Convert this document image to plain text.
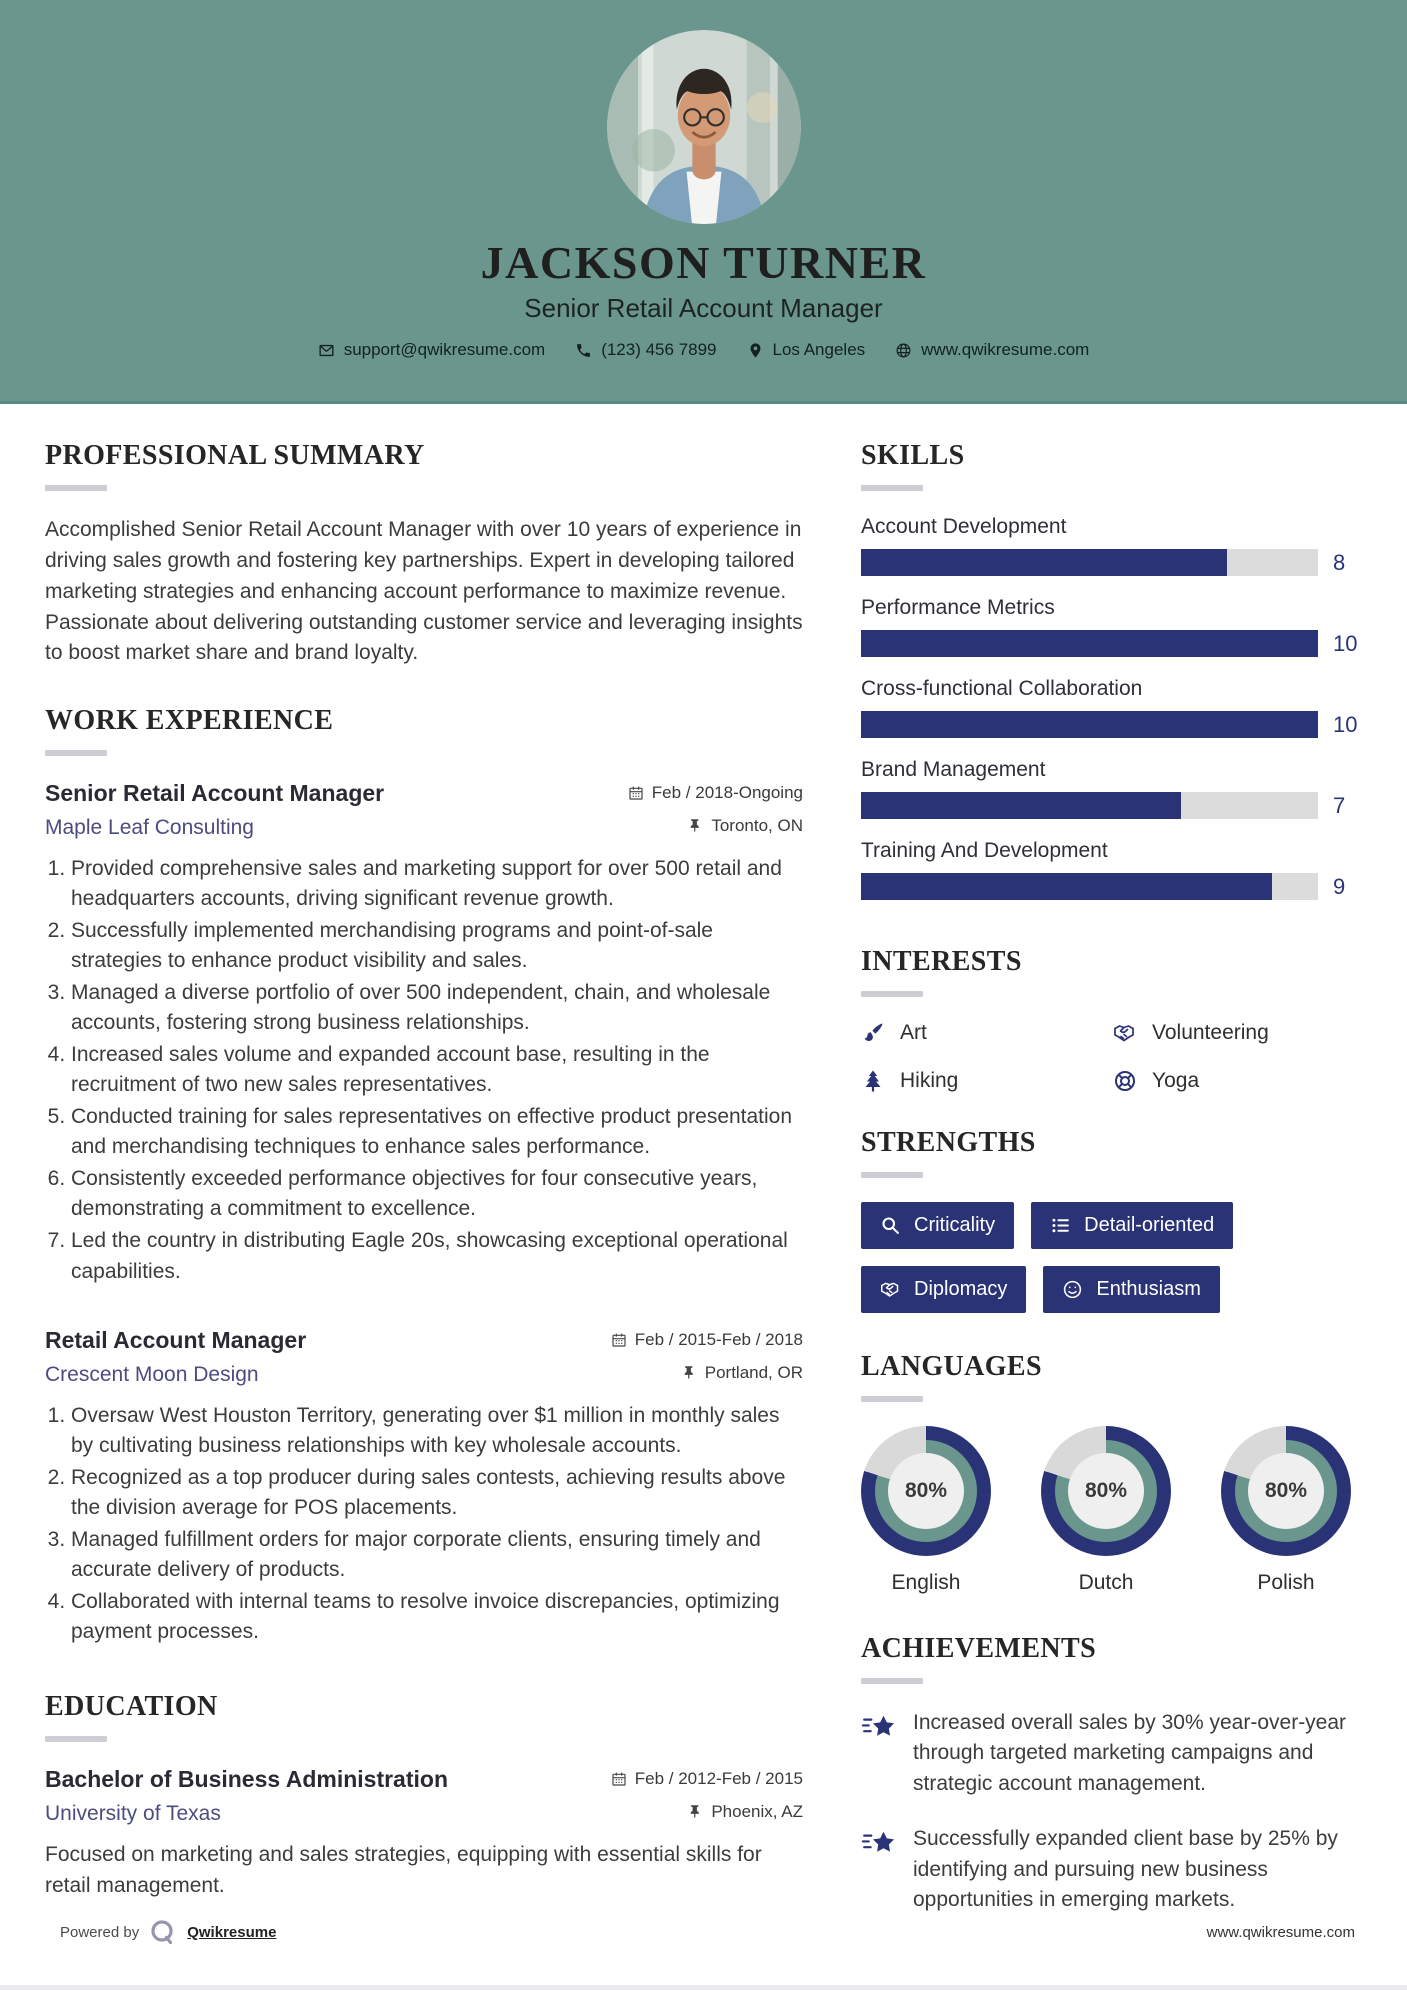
JACKSON TURNER
Senior Retail Account Manager
support@qwikresume.com	(123) 456 7899	Los Angeles	www.qwikresume.com
PROFESSIONAL SUMMARY

Accomplished Senior Retail Account Manager with over 10 years of experience in driving sales growth and fostering key partnerships. Expert in developing tailored marketing strategies and enhancing account performance to maximize revenue. Passionate about delivering outstanding customer service and leveraging insights to boost market share and brand loyalty.

WORK EXPERIENCE
Senior Retail Account Manager	Feb / 2018-Ongoing
Maple Leaf Consulting	Toronto, ON
1. Provided comprehensive sales and marketing support for over 500 retail and headquarters accounts, driving significant revenue growth.
2. Successfully implemented merchandising programs and point-of-sale strategies to enhance product visibility and sales.
3. Managed a diverse portfolio of over 500 independent, chain, and wholesale accounts, fostering strong business relationships.
4. Increased sales volume and expanded account base, resulting in the recruitment of two new sales representatives.
5. Conducted training for sales representatives on effective product presentation and merchandising techniques to enhance sales performance.
6. Consistently exceeded performance objectives for four consecutive years, demonstrating a commitment to excellence.
7. Led the country in distributing Eagle 20s, showcasing exceptional operational capabilities.
Retail Account Manager	Feb / 2015-Feb / 2018
Crescent Moon Design	Portland, OR
1. Oversaw West Houston Territory, generating over $1 million in monthly sales by cultivating business relationships with key wholesale accounts.
2. Recognized as a top producer during sales contests, achieving results above the division average for POS placements.
3. Managed fulfillment orders for major corporate clients, ensuring timely and accurate delivery of products.
4. Collaborated with internal teams to resolve invoice discrepancies, optimizing payment processes.
EDUCATION
Bachelor of Business Administration	Feb / 2012-Feb / 2015
University of Texas	Phoenix, AZ

Focused on marketing and sales strategies, equipping with essential skills for retail management.

SKILLS
Account Development
8
Performance Metrics
10
Cross-functional Collaboration
10
Brand Management
7
Training And Development
9
INTERESTS
Art	Volunteering
Hiking	Yoga
STRENGTHS
Criticality	Detail-oriented
Diplomacy	Enthusiasm
LANGUAGES
80%
English
80%
Dutch
80%
Polish
ACHIEVEMENTS
Increased overall sales by 30% year-over-year through targeted marketing campaigns and strategic account management.
Successfully expanded client base by 25% by identifying and pursuing new business opportunities in emerging markets.
Powered by	Qwikresume	www.qwikresume.com
